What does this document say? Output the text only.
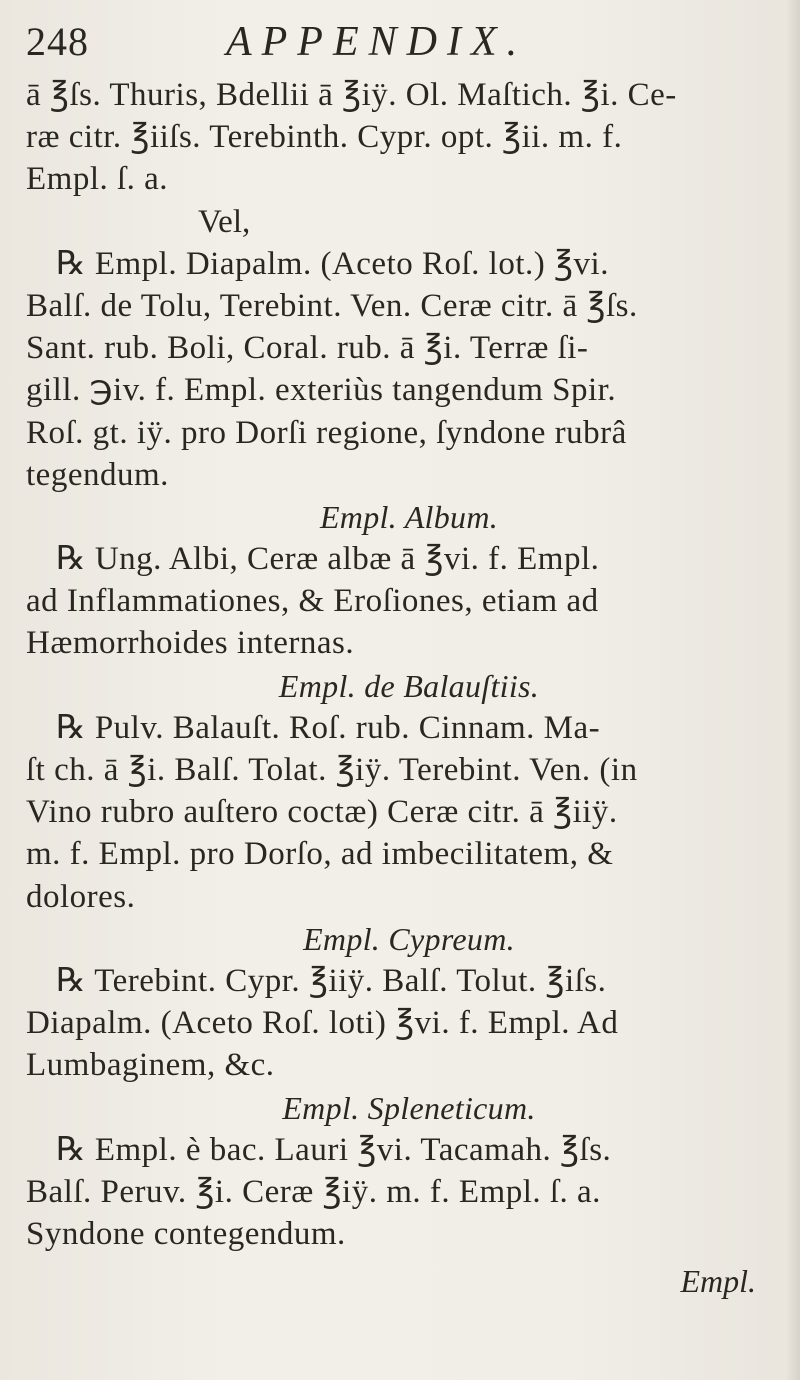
248	APPENDIX.
ā ℥ſs. Thuris, Bdellii ā ℥iÿ. Ol. Maſtich. ℥i. Ce-
ræ citr. ℥iiſs. Terebinth. Cypr. opt. ℥ii. m. f.
Empl. ſ. a.
Vel,
℞ Empl. Diapalm. (Aceto Roſ. lot.) ℥vi.
Balſ. de Tolu, Terebint. Ven. Ceræ citr. ā ℥ſs.
Sant. rub. Boli, Coral. rub. ā ℥i. Terræ ſi-
gill. ℈iv. f. Empl. exteriùs tangendum Spir.
Roſ. gt. iÿ. pro Dorſi regione, ſyndone rubrâ
tegendum.
Empl. Album.
℞ Ung. Albi, Ceræ albæ ā ℥vi. f. Empl.
ad Inflammationes, & Eroſiones, etiam ad
Hæmorrhoides internas.
Empl. de Balauſtiis.
℞ Pulv. Balauſt. Roſ. rub. Cinnam. Ma-
ſt ch. ā ℥i. Balſ. Tolat. ℥iÿ. Terebint. Ven. (in
Vino rubro auſtero coctæ) Ceræ citr. ā ℥iiÿ.
m. f. Empl. pro Dorſo, ad imbecilitatem, &
dolores.
Empl. Cypreum.
℞ Terebint. Cypr. ℥iiÿ. Balſ. Tolut. ℥iſs.
Diapalm. (Aceto Roſ. loti) ℥vi. f. Empl. Ad
Lumbaginem, &c.
Empl. Spleneticum.
℞ Empl. è bac. Lauri ℥vi. Tacamah. ℥ſs.
Balſ. Peruv. ℥i. Ceræ ℥iÿ. m. f. Empl. ſ. a.
Syndone contegendum.
Empl.
